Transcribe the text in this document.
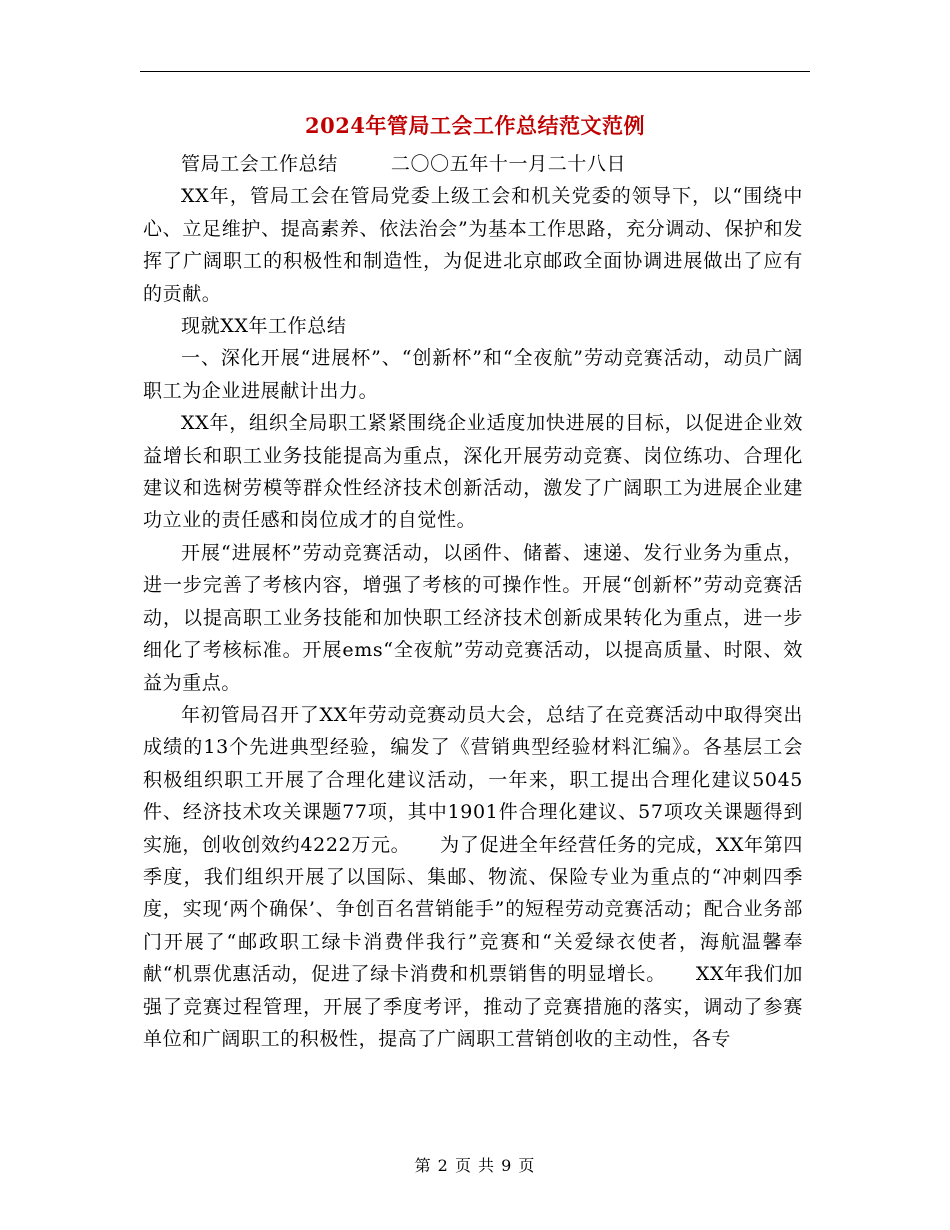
2024年管局工会工作总结范文范例

管局工会工作总结        二〇〇五年十一月二十八日

XX年，管局工会在管局党委上级工会和机关党委的领导下，以“围绕中心、立足维护、提高素养、依法治会”为基本工作思路，充分调动、保护和发挥了广阔职工的积极性和制造性，为促进北京邮政全面协调进展做出了应有的贡献。

现就XX年工作总结

一、深化开展“进展杯”、“创新杯”和“全夜航”劳动竞赛活动，动员广阔职工为企业进展献计出力。

XX年，组织全局职工紧紧围绕企业适度加快进展的目标，以促进企业效益增长和职工业务技能提高为重点，深化开展劳动竞赛、岗位练功、合理化建议和选树劳模等群众性经济技术创新活动，激发了广阔职工为进展企业建功立业的责任感和岗位成才的自觉性。

开展“进展杯”劳动竞赛活动，以函件、储蓄、速递、发行业务为重点，进一步完善了考核内容，增强了考核的可操作性。开展“创新杯”劳动竞赛活动，以提高职工业务技能和加快职工经济技术创新成果转化为重点，进一步细化了考核标准。开展ems“全夜航”劳动竞赛活动，以提高质量、时限、效益为重点。

年初管局召开了XX年劳动竞赛动员大会，总结了在竞赛活动中取得突出成绩的13个先进典型经验，编发了《营销典型经验材料汇编》。各基层工会积极组织职工开展了合理化建议活动，一年来，职工提出合理化建议5045件、经济技术攻关课题77项，其中1901件合理化建议、57项攻关课题得到实施，创收创效约4222万元。　　为了促进全年经营任务的完成，XX年第四季度，我们组织开展了以国际、集邮、物流、保险专业为重点的“冲刺四季度，实现‘两个确保’、争创百名营销能手”的短程劳动竞赛活动；配合业务部门开展了“邮政职工绿卡消费伴我行”竞赛和“关爱绿衣使者，海航温馨奉献“机票优惠活动，促进了绿卡消费和机票销售的明显增长。　　XX年我们加强了竞赛过程管理，开展了季度考评，推动了竞赛措施的落实，调动了参赛单位和广阔职工的积极性，提高了广阔职工营销创收的主动性，各专

第 2 页 共 9 页
